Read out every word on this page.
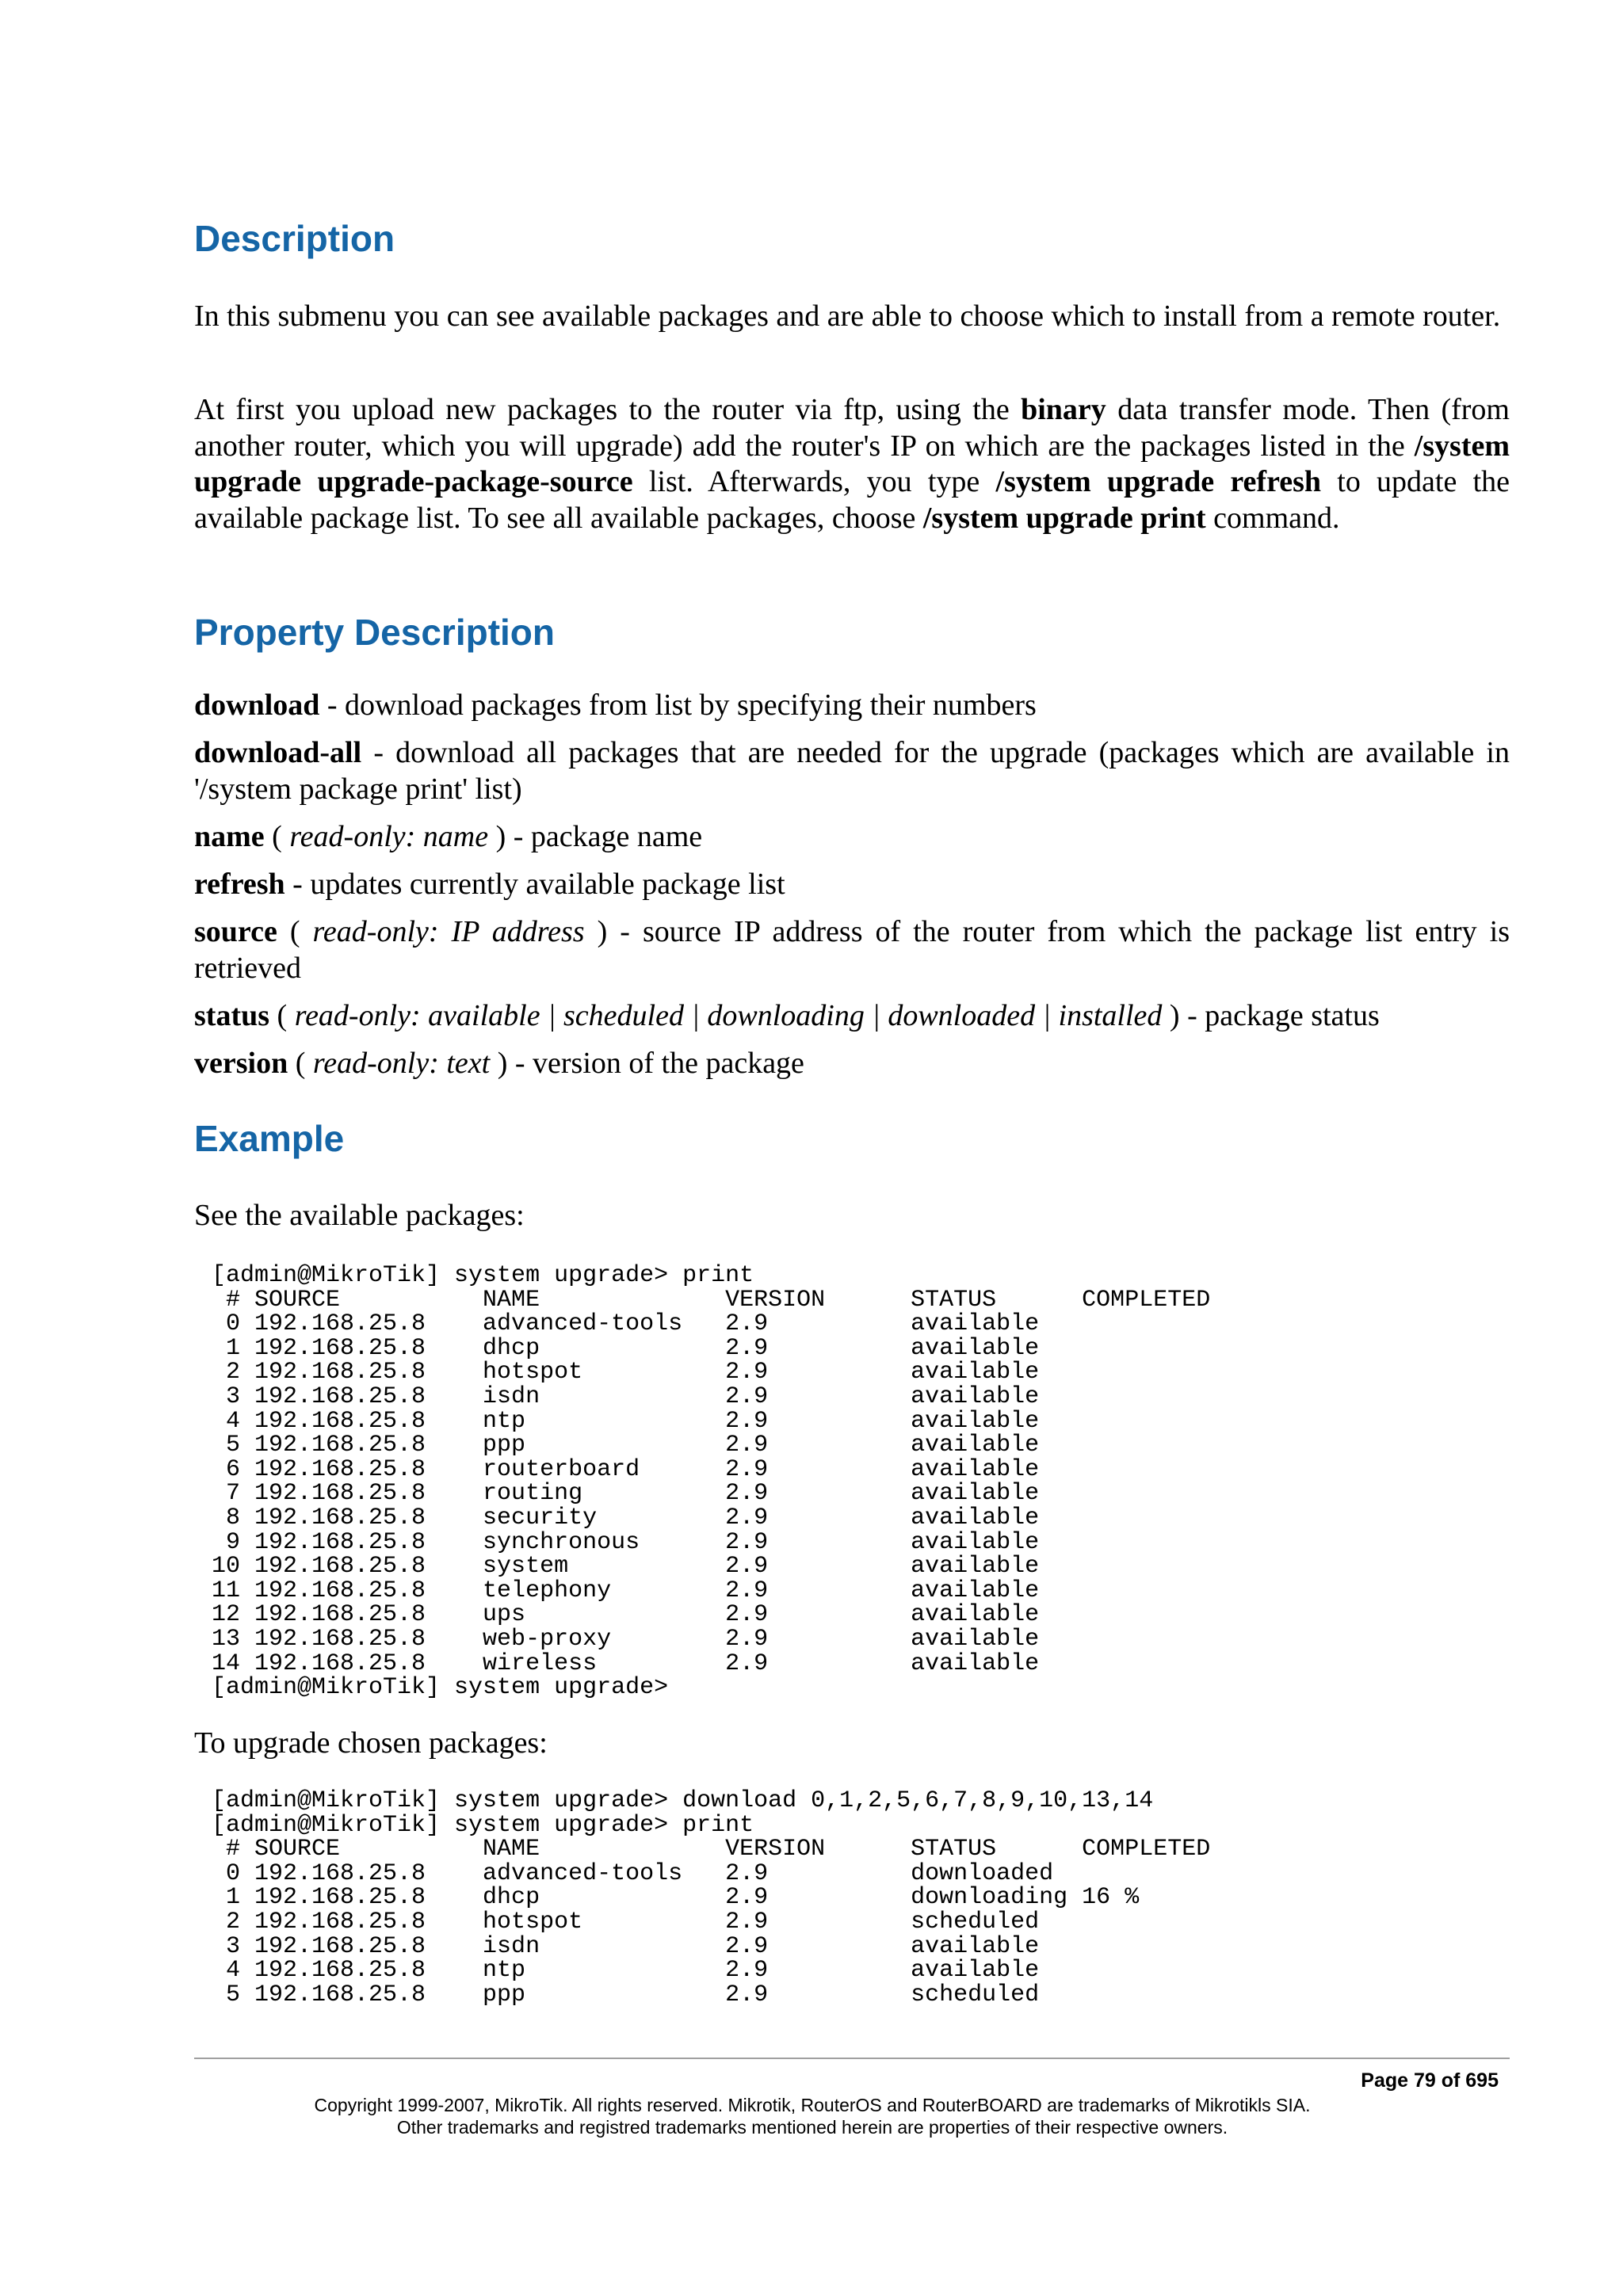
Description

In this submenu you can see available packages and are able to choose which to install from a remote router.

At first you upload new packages to the router via ftp, using the binary data transfer mode. Then (from another router, which you will upgrade) add the router's IP on which are the packages listed in the /system upgrade upgrade-package-source list. Afterwards, you type /system upgrade refresh to update the available package list. To see all available packages, choose /system upgrade print command.

Property Description

download - download packages from list by specifying their numbers

download-all - download all packages that are needed for the upgrade (packages which are available in '/system package print' list)

name ( read-only: name ) - package name

refresh - updates currently available package list

source ( read-only: IP address ) - source IP address of the router from which the package list entry is retrieved

status ( read-only: available | scheduled | downloading | downloaded | installed ) - package status

version ( read-only: text ) - version of the package

Example

See the available packages:

[admin@MikroTik] system upgrade> print
# SOURCE          NAME             VERSION      STATUS      COMPLETED
0 192.168.25.8    advanced-tools   2.9          available
1 192.168.25.8    dhcp             2.9          available
2 192.168.25.8    hotspot          2.9          available
3 192.168.25.8    isdn             2.9          available
4 192.168.25.8    ntp              2.9          available
5 192.168.25.8    ppp              2.9          available
6 192.168.25.8    routerboard      2.9          available
7 192.168.25.8    routing          2.9          available
8 192.168.25.8    security         2.9          available
9 192.168.25.8    synchronous      2.9          available
10 192.168.25.8    system           2.9          available
11 192.168.25.8    telephony        2.9          available
12 192.168.25.8    ups              2.9          available
13 192.168.25.8    web-proxy        2.9          available
14 192.168.25.8    wireless         2.9          available
[admin@MikroTik] system upgrade>

To upgrade chosen packages:

[admin@MikroTik] system upgrade> download 0,1,2,5,6,7,8,9,10,13,14
[admin@MikroTik] system upgrade> print
# SOURCE          NAME             VERSION      STATUS      COMPLETED
0 192.168.25.8    advanced-tools   2.9          downloaded
1 192.168.25.8    dhcp             2.9          downloading 16 %
2 192.168.25.8    hotspot          2.9          scheduled
3 192.168.25.8    isdn             2.9          available
4 192.168.25.8    ntp              2.9          available
5 192.168.25.8    ppp              2.9          scheduled
Page 79 of 695
Copyright 1999-2007, MikroTik. All rights reserved. Mikrotik, RouterOS and RouterBOARD are trademarks of Mikrotikls SIA.
Other trademarks and registred trademarks mentioned herein are properties of their respective owners.
